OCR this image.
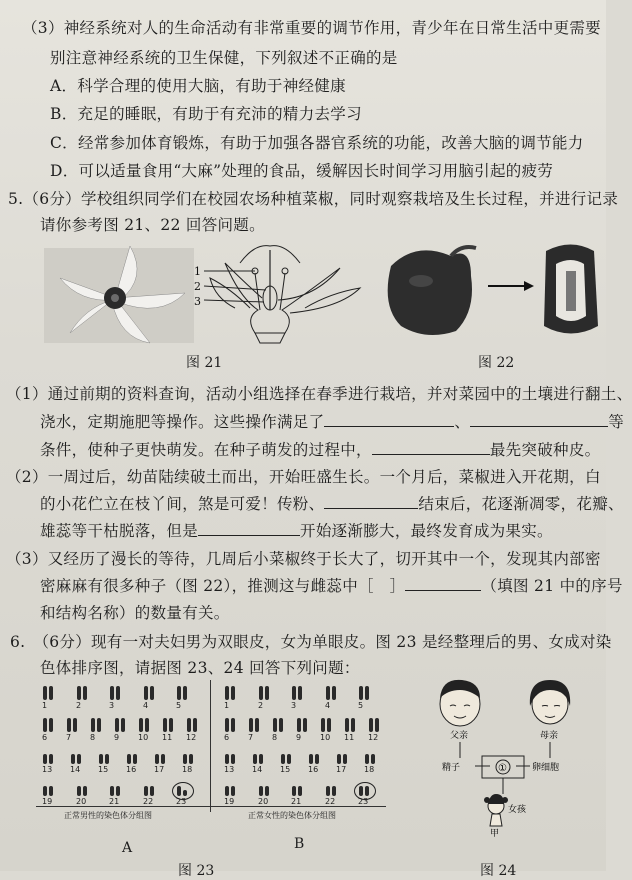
（3）神经系统对人的生命活动有非常重要的调节作用，青少年在日常生活中更需要
别注意神经系统的卫生保健，下列叙述不正确的是
A．科学合理的使用大脑，有助于神经健康
B．充足的睡眠，有助于有充沛的精力去学习
C．经常参加体育锻炼，有助于加强各器官系统的功能，改善大脑的调节能力
D．可以适量食用“大麻”处理的食品，缓解因长时间学习用脑引起的疲劳
5.（6分）学校组织同学们在校园农场种植菜椒，同时观察栽培及生长过程，并进行记录
请你参考图 21、22 回答问题。
1
2
3
图 21	图 22
（1）通过前期的资料查询，活动小组选择在春季进行栽培，并对菜园中的土壤进行翻土、
浇水，定期施肥等操作。这些操作满足了	、	等
条件，使种子更快萌发。在种子萌发的过程中，	最先突破种皮。
（2）一周过后，幼苗陆续破土而出，开始旺盛生长。一个月后，菜椒进入开花期，白
的小花伫立在枝丫间，煞是可爱！传粉、	结束后，花逐渐凋零，花瓣、
雄蕊等干枯脱落，但是	开始逐渐膨大，最终发育成为果实。
（3）又经历了漫长的等待，几周后小菜椒终于长大了，切开其中一个，发现其内部密
密麻麻有很多种子（图 22），推测这与雌蕊中［　］	（填图 21 中的序号
和结构名称）的数量有关。
6.　（6分）现有一对夫妇男为双眼皮，女为单眼皮。图 23 是经整理后的男、女成对染
色体排序图，请据图 23、24 回答下列问题：
1	2	3	4	5
6 7 8 9 10 11 12
13 14 15 16 17 18
19	20	21	22	23
1	2	3	4	5
6 7 8 9 10 11 12
13 14 15 16 17 18
19	20	21	22	23
正常男性的染色体分组图	正常女性的染色体分组图
A	B
图 23
父亲	母亲
精子	卵细胞
①
女孩
甲
图 24
